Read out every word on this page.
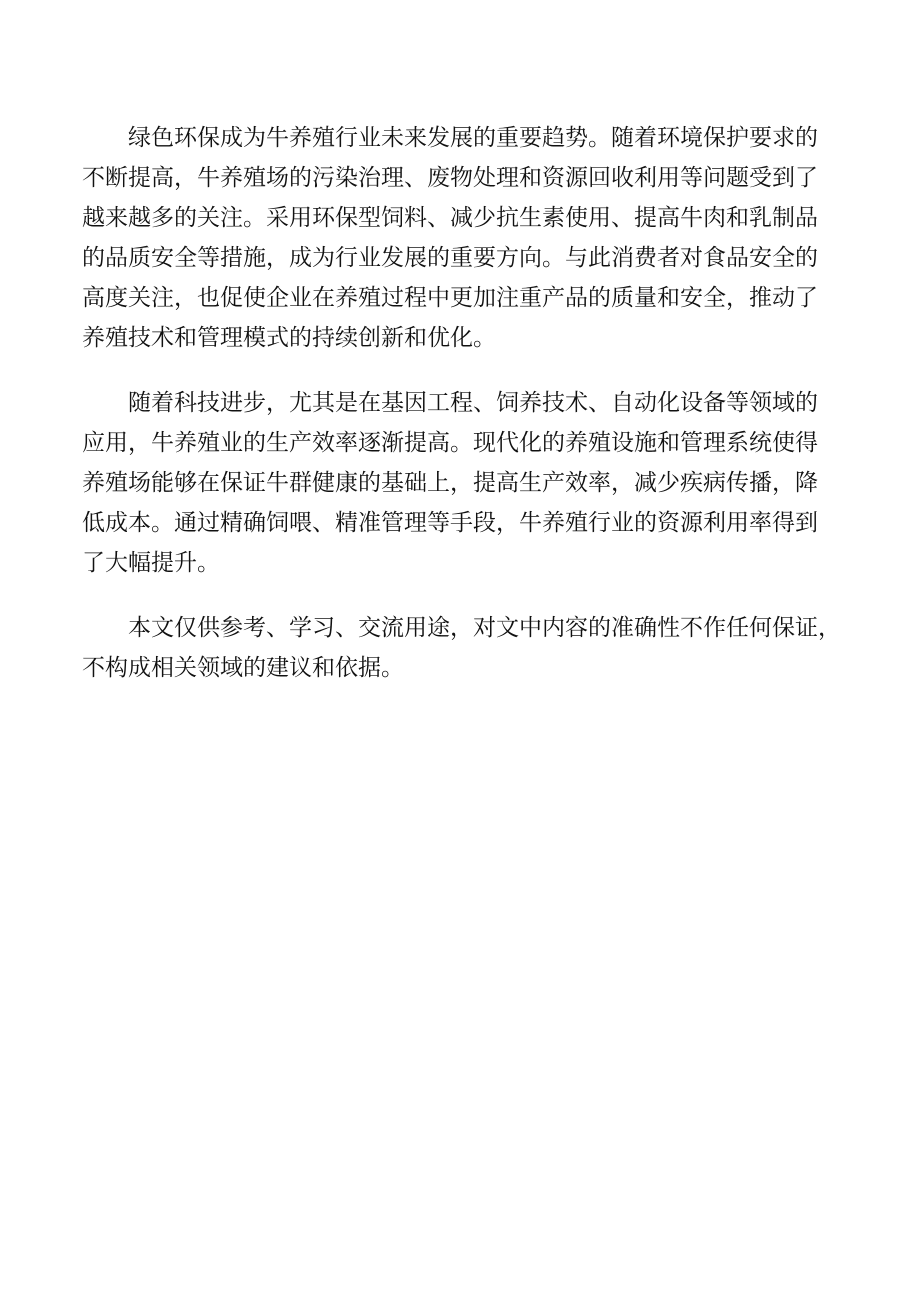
绿色环保成为牛养殖行业未来发展的重要趋势。随着环境保护要求的
不断提高，牛养殖场的污染治理、废物处理和资源回收利用等问题受到了
越来越多的关注。采用环保型饲料、减少抗生素使用、提高牛肉和乳制品
的品质安全等措施，成为行业发展的重要方向。与此消费者对食品安全的
高度关注，也促使企业在养殖过程中更加注重产品的质量和安全，推动了
养殖技术和管理模式的持续创新和优化。

随着科技进步，尤其是在基因工程、饲养技术、自动化设备等领域的
应用，牛养殖业的生产效率逐渐提高。现代化的养殖设施和管理系统使得
养殖场能够在保证牛群健康的基础上，提高生产效率，减少疾病传播，降
低成本。通过精确饲喂、精准管理等手段，牛养殖行业的资源利用率得到
了大幅提升。

本文仅供参考、学习、交流用途，对文中内容的准确性不作任何保证，
不构成相关领域的建议和依据。
